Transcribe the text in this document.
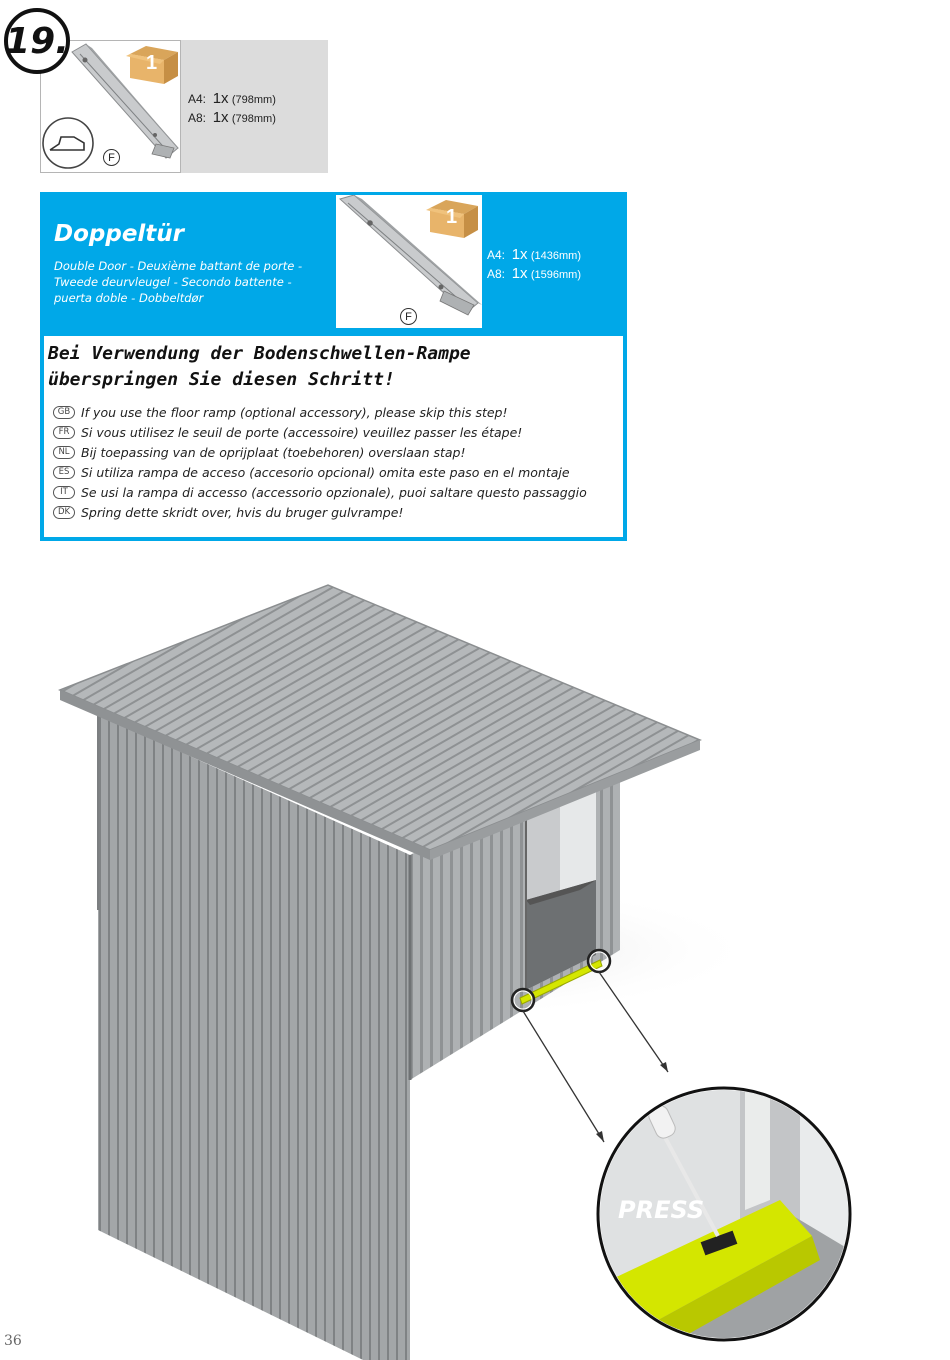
19.
1
F
A4: 1x (798mm)
A8: 1x (798mm)
Doppeltür
Double Door - Deuxième battant de porte - Tweede deurvleugel - Secondo battente - puerta doble - Dobbeltdør
1
F
A4: 1x (1436mm)
A8: 1x (1596mm)
Bei Verwendung der Bodenschwellen-Rampe überspringen Sie diesen Schritt!
GB If you use the floor ramp (optional accessory), please skip this step!
FR Si vous utilisez le seuil de porte (accessoire) veuillez passer les étape!
NL Bij toepassing van de oprijplaat (toebehoren) overslaan stap!
ES Si utiliza rampa de acceso (accesorio opcional) omita este paso en el montaje
IT	Se usi la rampa di accesso (accessorio opzionale), puoi saltare questo passaggio
DK Spring dette skridt over, hvis du bruger gulvrampe!
PRESS
36
